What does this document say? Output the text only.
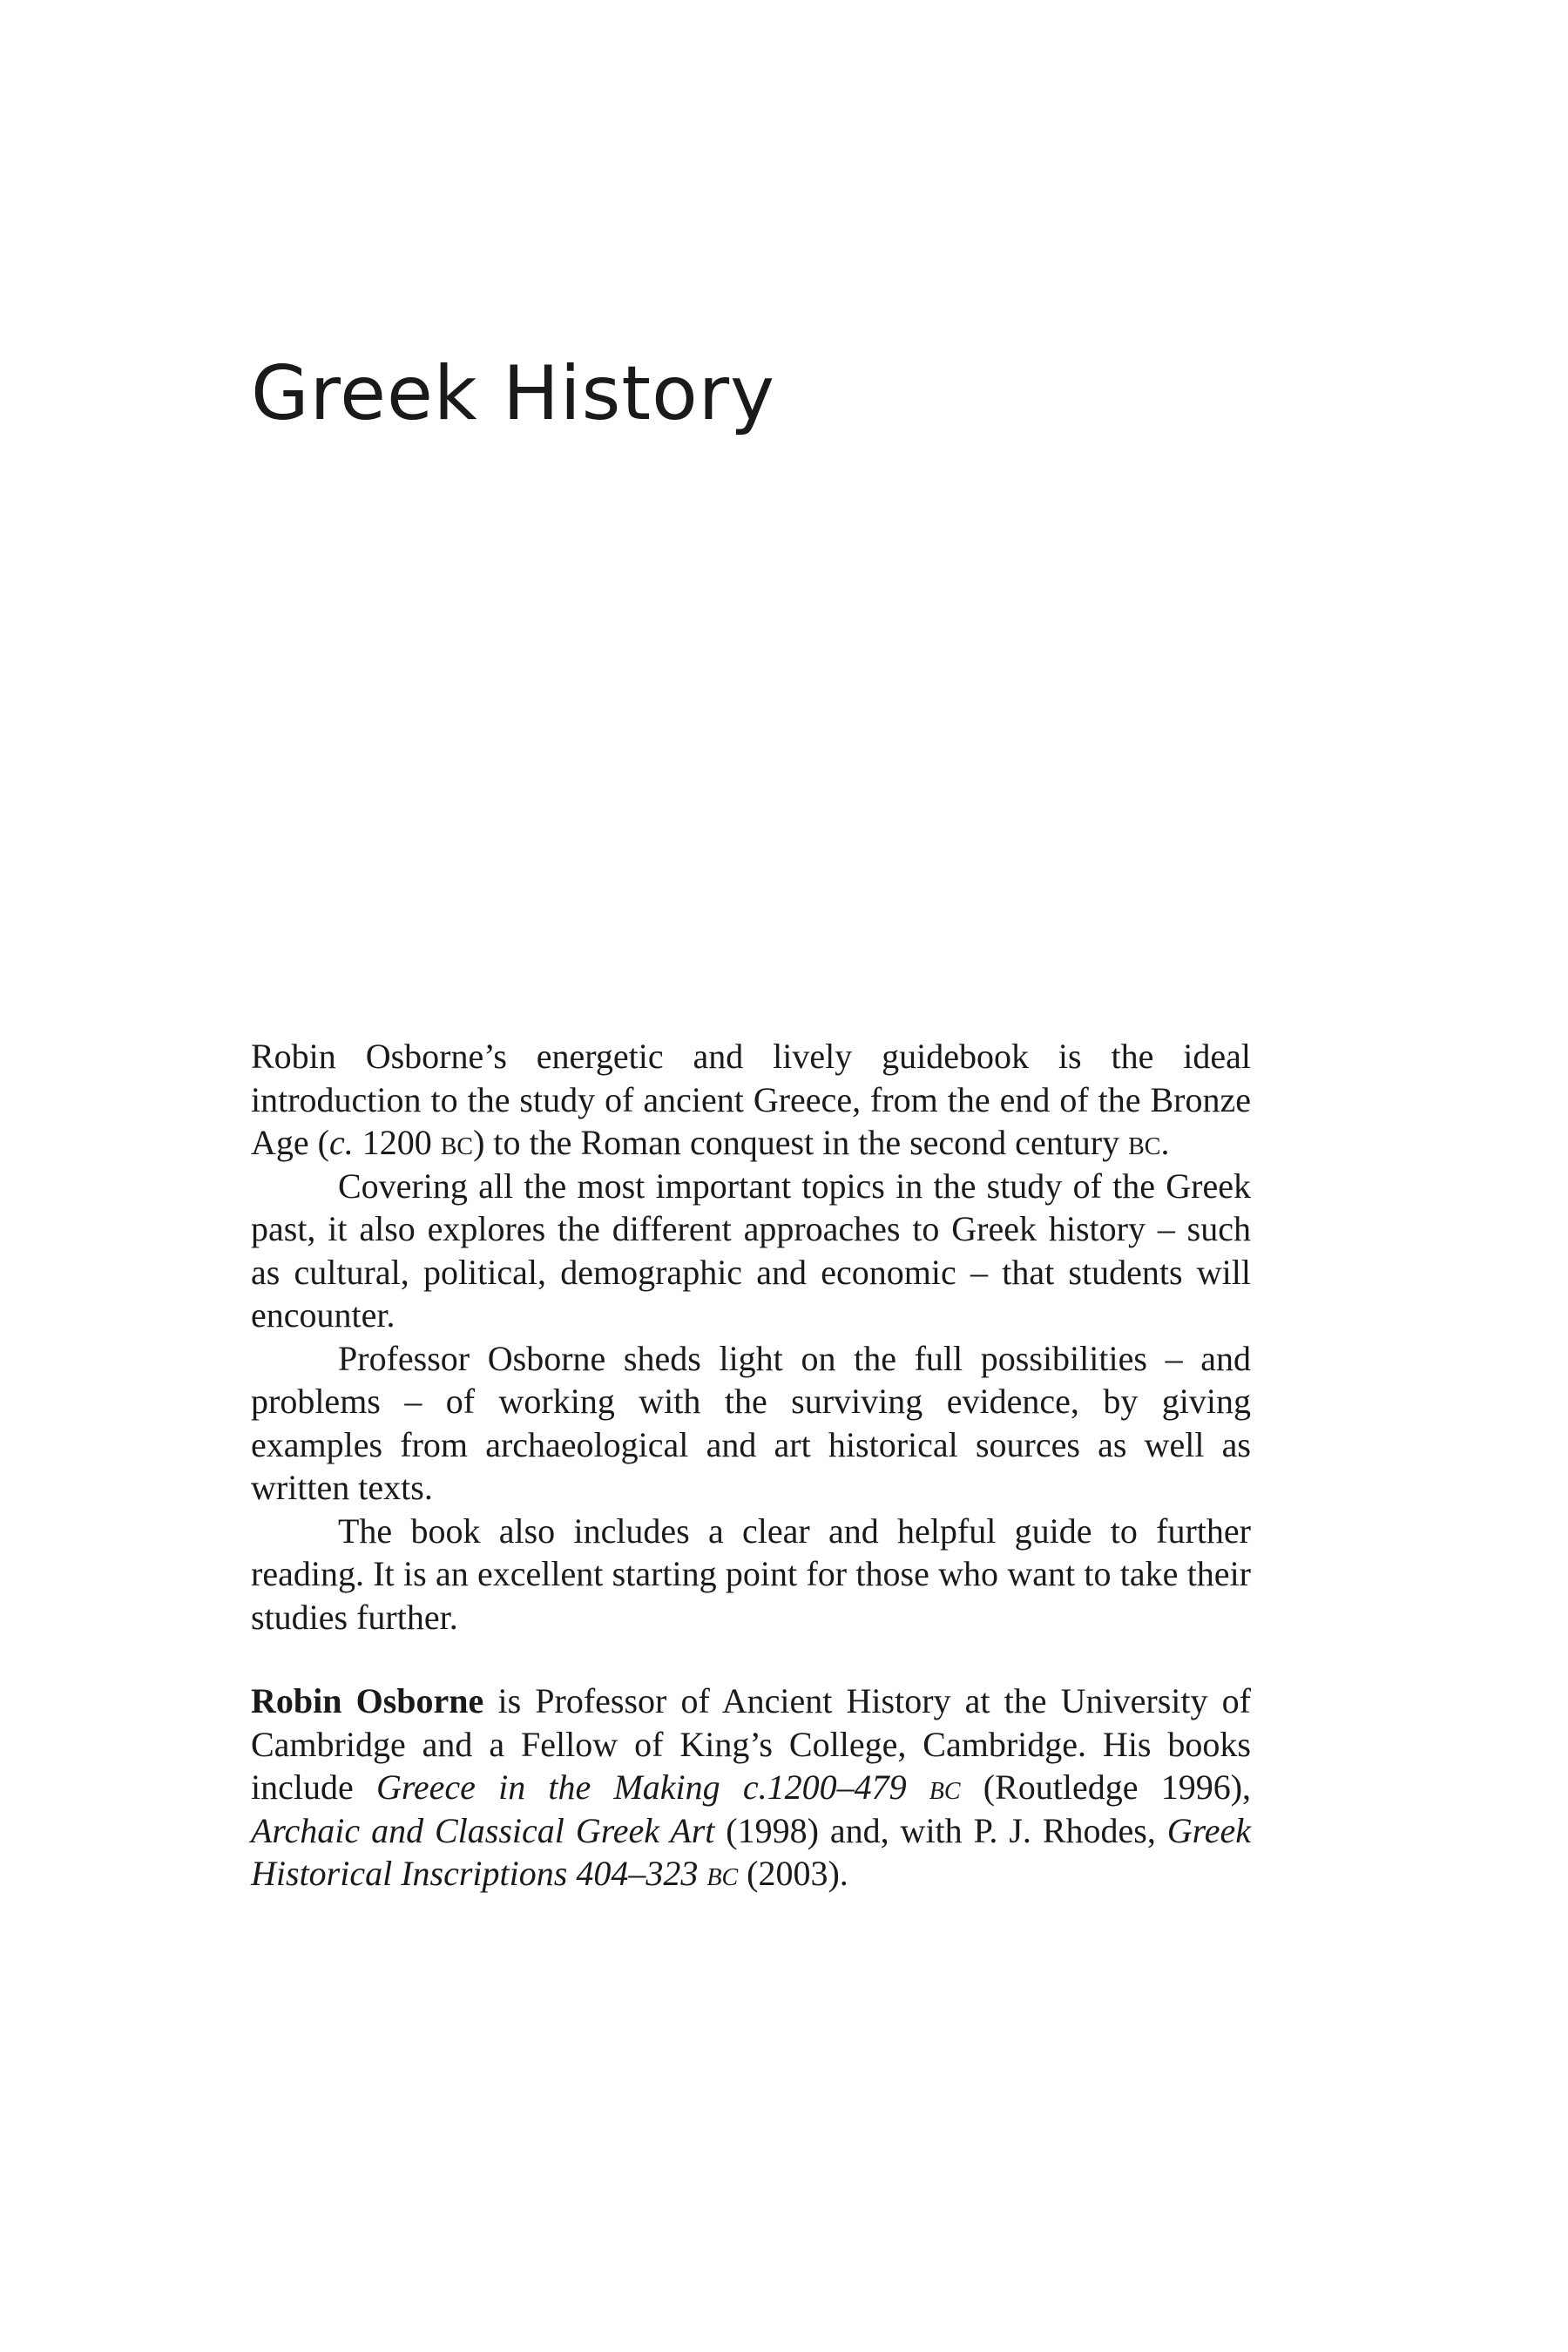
Greek History

Robin Osborne’s energetic and lively guidebook is the ideal introduction to the study of ancient Greece, from the end of the Bronze Age (c. 1200 bc) to the Roman conquest in the second century bc.

Covering all the most important topics in the study of the Greek past, it also explores the different approaches to Greek history – such as cultural, political, demographic and economic – that students will encounter.

Professor Osborne sheds light on the full possibilities – and problems – of working with the surviving evidence, by giving examples from archaeological and art historical sources as well as written texts.

The book also includes a clear and helpful guide to further reading. It is an excellent starting point for those who want to take their studies further.

Robin Osborne is Professor of Ancient History at the University of Cambridge and a Fellow of King’s College, Cambridge. His books include Greece in the Making c.1200–479 bc (Routledge 1996), Archaic and Classical Greek Art (1998) and, with P. J. Rhodes, Greek Historical Inscriptions 404–323 bc (2003).
